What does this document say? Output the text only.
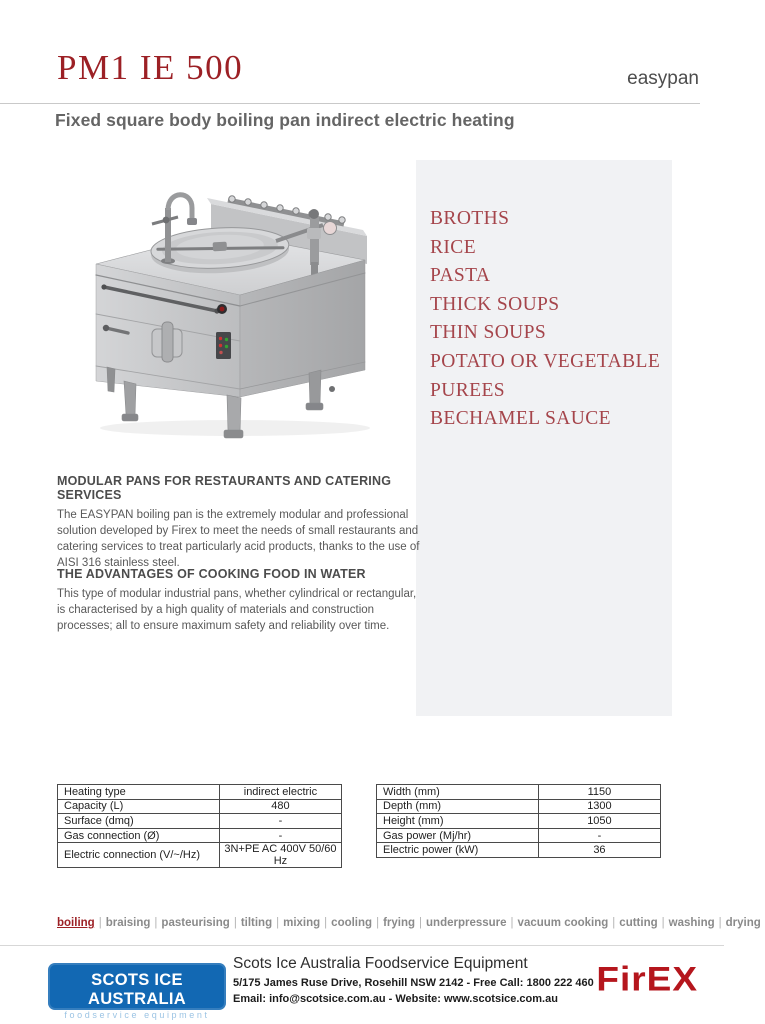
PM1 IE 500	easypan
Fixed square body boiling pan indirect electric heating
BROTHS
RICE
PASTA
THICK SOUPS
THIN SOUPS
POTATO OR VEGETABLE
PUREES
BECHAMEL SAUCE
MODULAR PANS FOR RESTAURANTS AND CATERING SERVICES

The EASYPAN boiling pan is the extremely modular and professional solution developed by Firex to meet the needs of small restaurants and catering services to treat particularly acid products, thanks to the use of AISI 316 stainless steel.

THE ADVANTAGES OF COOKING FOOD IN WATER

This type of modular industrial pans, whether cylindrical or rectangular, is characterised by a high quality of materials and construction processes; all to ensure maximum safety and reliability over time.

Heating type	indirect electric
Capacity (L)	480
Surface (dmq)	-
Gas connection (Ø)	-
Electric connection (V/~/Hz)	3N+PE AC 400V 50/60 Hz
Width (mm)	1150
Depth (mm)	1300
Height (mm)	1050
Gas power (Mj/hr)	-
Electric power (kW)	36
boiling | braising | pasteurising | tilting | mixing | cooling | frying | underpressure | vacuum cooking | cutting | washing | drying
SCOTS ICE AUSTRALIA
foodservice equipment

Scots Ice Australia Foodservice Equipment

5/175 James Ruse Drive, Rosehill NSW 2142 - Free Call: 1800 222 460

Email: info@scotsice.com.au - Website: www.scotsice.com.au

FirEX
